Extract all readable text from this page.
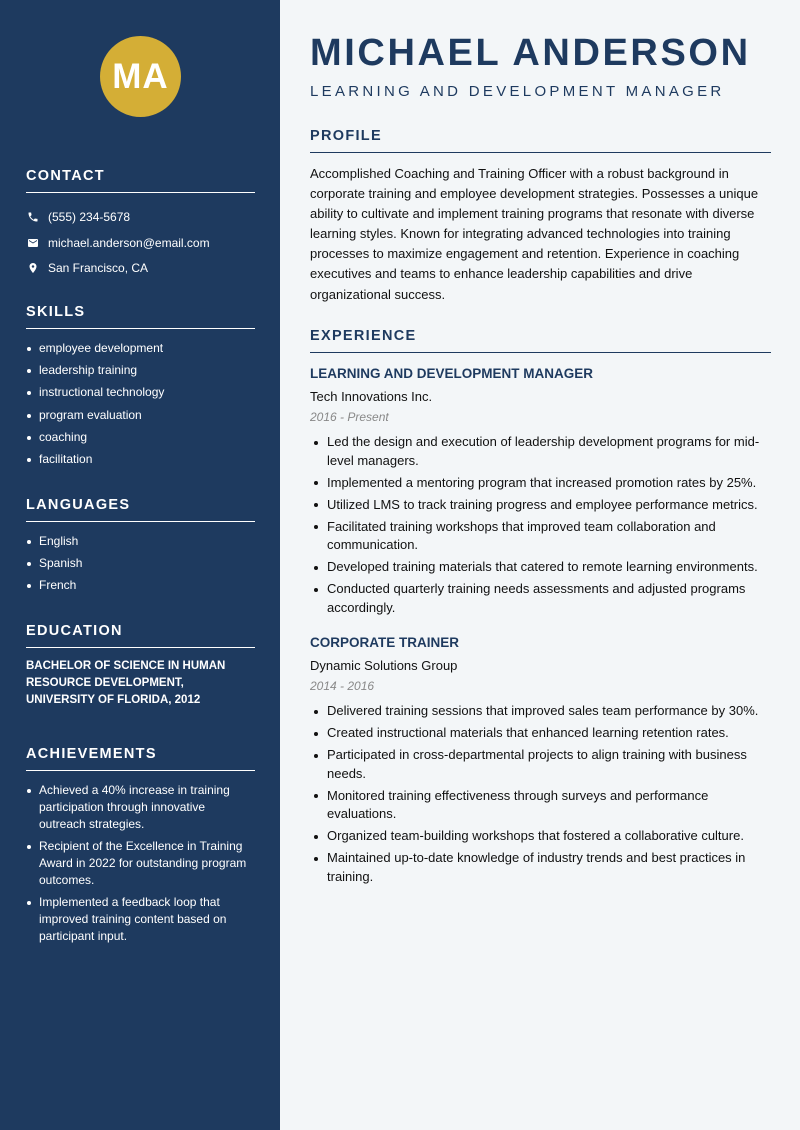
MA
CONTACT
(555) 234-5678
michael.anderson@email.com
San Francisco, CA
SKILLS
employee development
leadership training
instructional technology
program evaluation
coaching
facilitation
LANGUAGES
English
Spanish
French
EDUCATION
BACHELOR OF SCIENCE IN HUMAN RESOURCE DEVELOPMENT, UNIVERSITY OF FLORIDA, 2012
ACHIEVEMENTS
Achieved a 40% increase in training participation through innovative outreach strategies.
Recipient of the Excellence in Training Award in 2022 for outstanding program outcomes.
Implemented a feedback loop that improved training content based on participant input.
MICHAEL ANDERSON
LEARNING AND DEVELOPMENT MANAGER
PROFILE
Accomplished Coaching and Training Officer with a robust background in corporate training and employee development strategies. Possesses a unique ability to cultivate and implement training programs that resonate with diverse learning styles. Known for integrating advanced technologies into training processes to maximize engagement and retention. Experience in coaching executives and teams to enhance leadership capabilities and drive organizational success.
EXPERIENCE
LEARNING AND DEVELOPMENT MANAGER
Tech Innovations Inc.
2016 - Present
Led the design and execution of leadership development programs for mid-level managers.
Implemented a mentoring program that increased promotion rates by 25%.
Utilized LMS to track training progress and employee performance metrics.
Facilitated training workshops that improved team collaboration and communication.
Developed training materials that catered to remote learning environments.
Conducted quarterly training needs assessments and adjusted programs accordingly.
CORPORATE TRAINER
Dynamic Solutions Group
2014 - 2016
Delivered training sessions that improved sales team performance by 30%.
Created instructional materials that enhanced learning retention rates.
Participated in cross-departmental projects to align training with business needs.
Monitored training effectiveness through surveys and performance evaluations.
Organized team-building workshops that fostered a collaborative culture.
Maintained up-to-date knowledge of industry trends and best practices in training.
